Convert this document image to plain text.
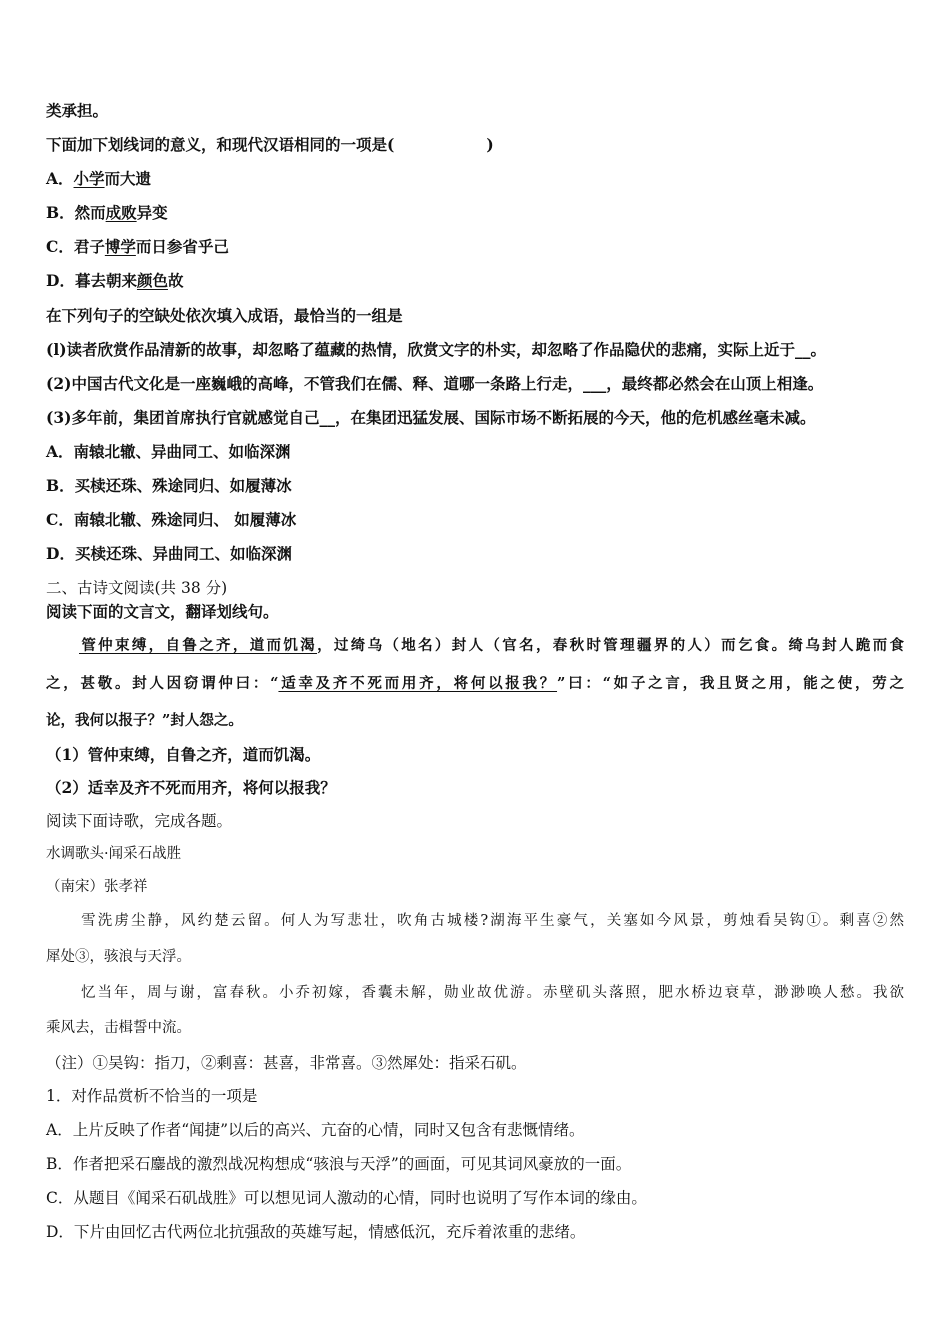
类承担。
下面加下划线词的意义，和现代汉语相同的一项是(	)
A．小学而大遗
B．然而成败异变
C．君子博学而日参省乎己
D．暮去朝来颜色故
在下列句子的空缺处依次填入成语，最恰当的一组是
(l)读者欣赏作品清新的故事，却忽略了蕴藏的热情，欣赏文字的朴实，却忽略了作品隐伏的悲痛，实际上近于__。
(2)中国古代文化是一座巍峨的高峰，不管我们在儒、释、道哪一条路上行走，___，最终都必然会在山顶上相逢。
(3)多年前，集团首席执行官就感觉自己__，在集团迅猛发展、国际市场不断拓展的今天，他的危机感丝毫未减。
A．南辕北辙、异曲同工、如临深渊
B．买椟还珠、殊途同归、如履薄冰
C．南辕北辙、殊途同归、 如履薄冰
D．买椟还珠、异曲同工、如临深渊
二、古诗文阅读(共 38 分)
阅读下面的文言文，翻译划线句。
管仲束缚，自鲁之齐，道而饥渴，过绮乌（地名）封人（官名，春秋时管理疆界的人）而乞食。绮乌封人跪而食
之，甚敬。封人因窃谓仲曰：“适幸及齐不死而用齐，将何以报我？”曰：“如子之言，我且贤之用，能之使，劳之
论，我何以报子？”封人怨之。
（1）管仲束缚，自鲁之齐，道而饥渴。
（2）适幸及齐不死而用齐，将何以报我？
阅读下面诗歌，完成各题。
水调歌头·闻采石战胜
（南宋）张孝祥
雪洗虏尘静，风约楚云留。何人为写悲壮，吹角古城楼?湖海平生豪气，关塞如今风景，剪烛看吴钩①。剩喜②然
犀处③，骇浪与天浮。
忆当年，周与谢，富春秋。小乔初嫁，香囊未解，勋业故优游。赤壁矶头落照，肥水桥边衰草，渺渺唤人愁。我欲
乘风去，击楫誓中流。
（注）①吴钩：指刀，②剩喜：甚喜，非常喜。③然犀处：指采石矶。
1．对作品赏析不恰当的一项是
A．上片反映了作者“闻捷”以后的高兴、亢奋的心情，同时又包含有悲慨情绪。
B．作者把采石鏖战的激烈战况构想成“骇浪与天浮”的画面，可见其词风豪放的一面。
C．从题目《闻采石矶战胜》可以想见词人激动的心情，同时也说明了写作本词的缘由。
D．下片由回忆古代两位北抗强敌的英雄写起，情感低沉，充斥着浓重的悲绪。
